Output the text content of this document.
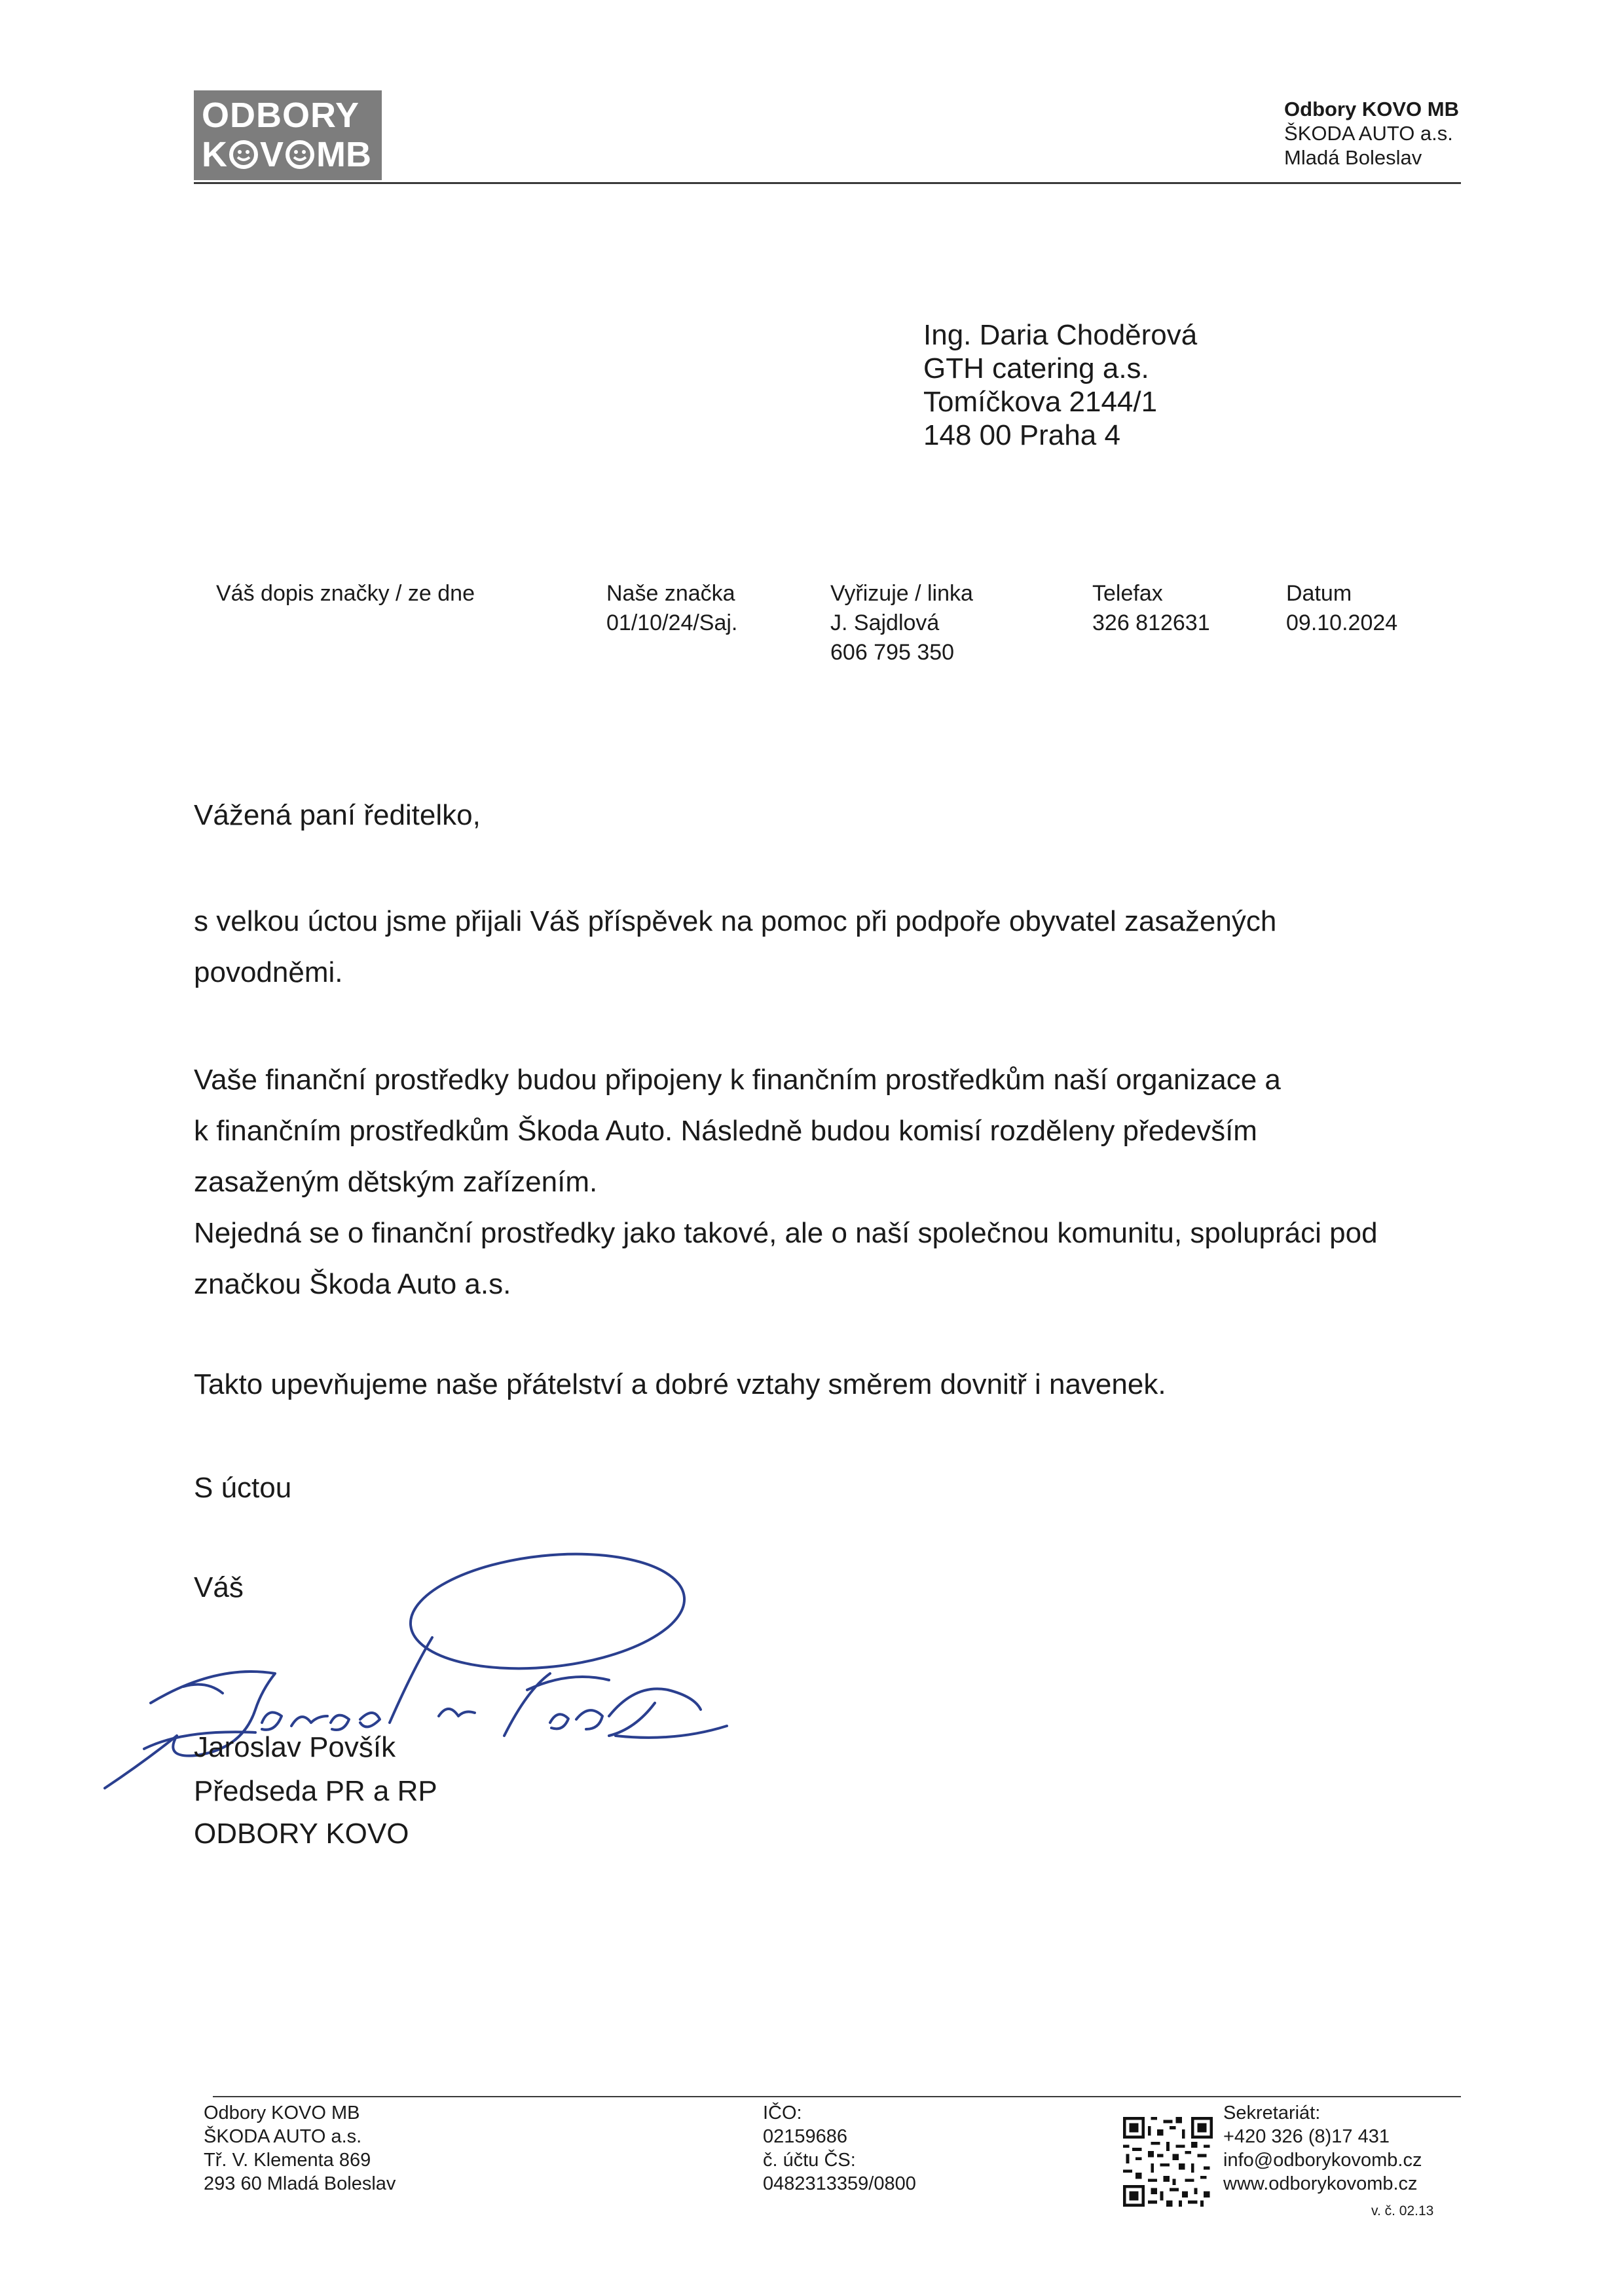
ODBORY
K V MB
Odbory KOVO MB
ŠKODA AUTO a.s.
Mladá Boleslav
Ing. Daria Choděrová
GTH catering a.s.
Tomíčkova 2144/1
148 00 Praha 4
Váš dopis značky / ze dne	Naše značka
01/10/24/Saj.
Vyřizuje / linka
J. Sajdlová
606 795 350
Telefax
326 812631
Datum
09.10.2024
Vážená paní ředitelko,
s velkou úctou jsme přijali Váš příspěvek na pomoc při podpoře obyvatel zasažených
povodněmi.
Vaše finanční prostředky budou připojeny k finančním prostředkům naší organizace a
k finančním prostředkům Škoda Auto. Následně budou komisí rozděleny především
zasaženým dětským zařízením.
Nejedná se o finanční prostředky jako takové, ale o naší společnou komunitu, spolupráci pod
značkou Škoda Auto a.s.
Takto upevňujeme naše přátelství a dobré vztahy směrem dovnitř i navenek.
S úctou
Váš
Jaroslav Povšík
Předseda PR a RP
ODBORY KOVO
Odbory KOVO MB
ŠKODA AUTO a.s.
Tř. V. Klementa 869
293 60 Mladá Boleslav
IČO:
02159686
č. účtu ČS:
0482313359/0800
Sekretariát:
+420 326 (8)17 431
info@odborykovomb.cz
www.odborykovomb.cz
v. č. 02.13
